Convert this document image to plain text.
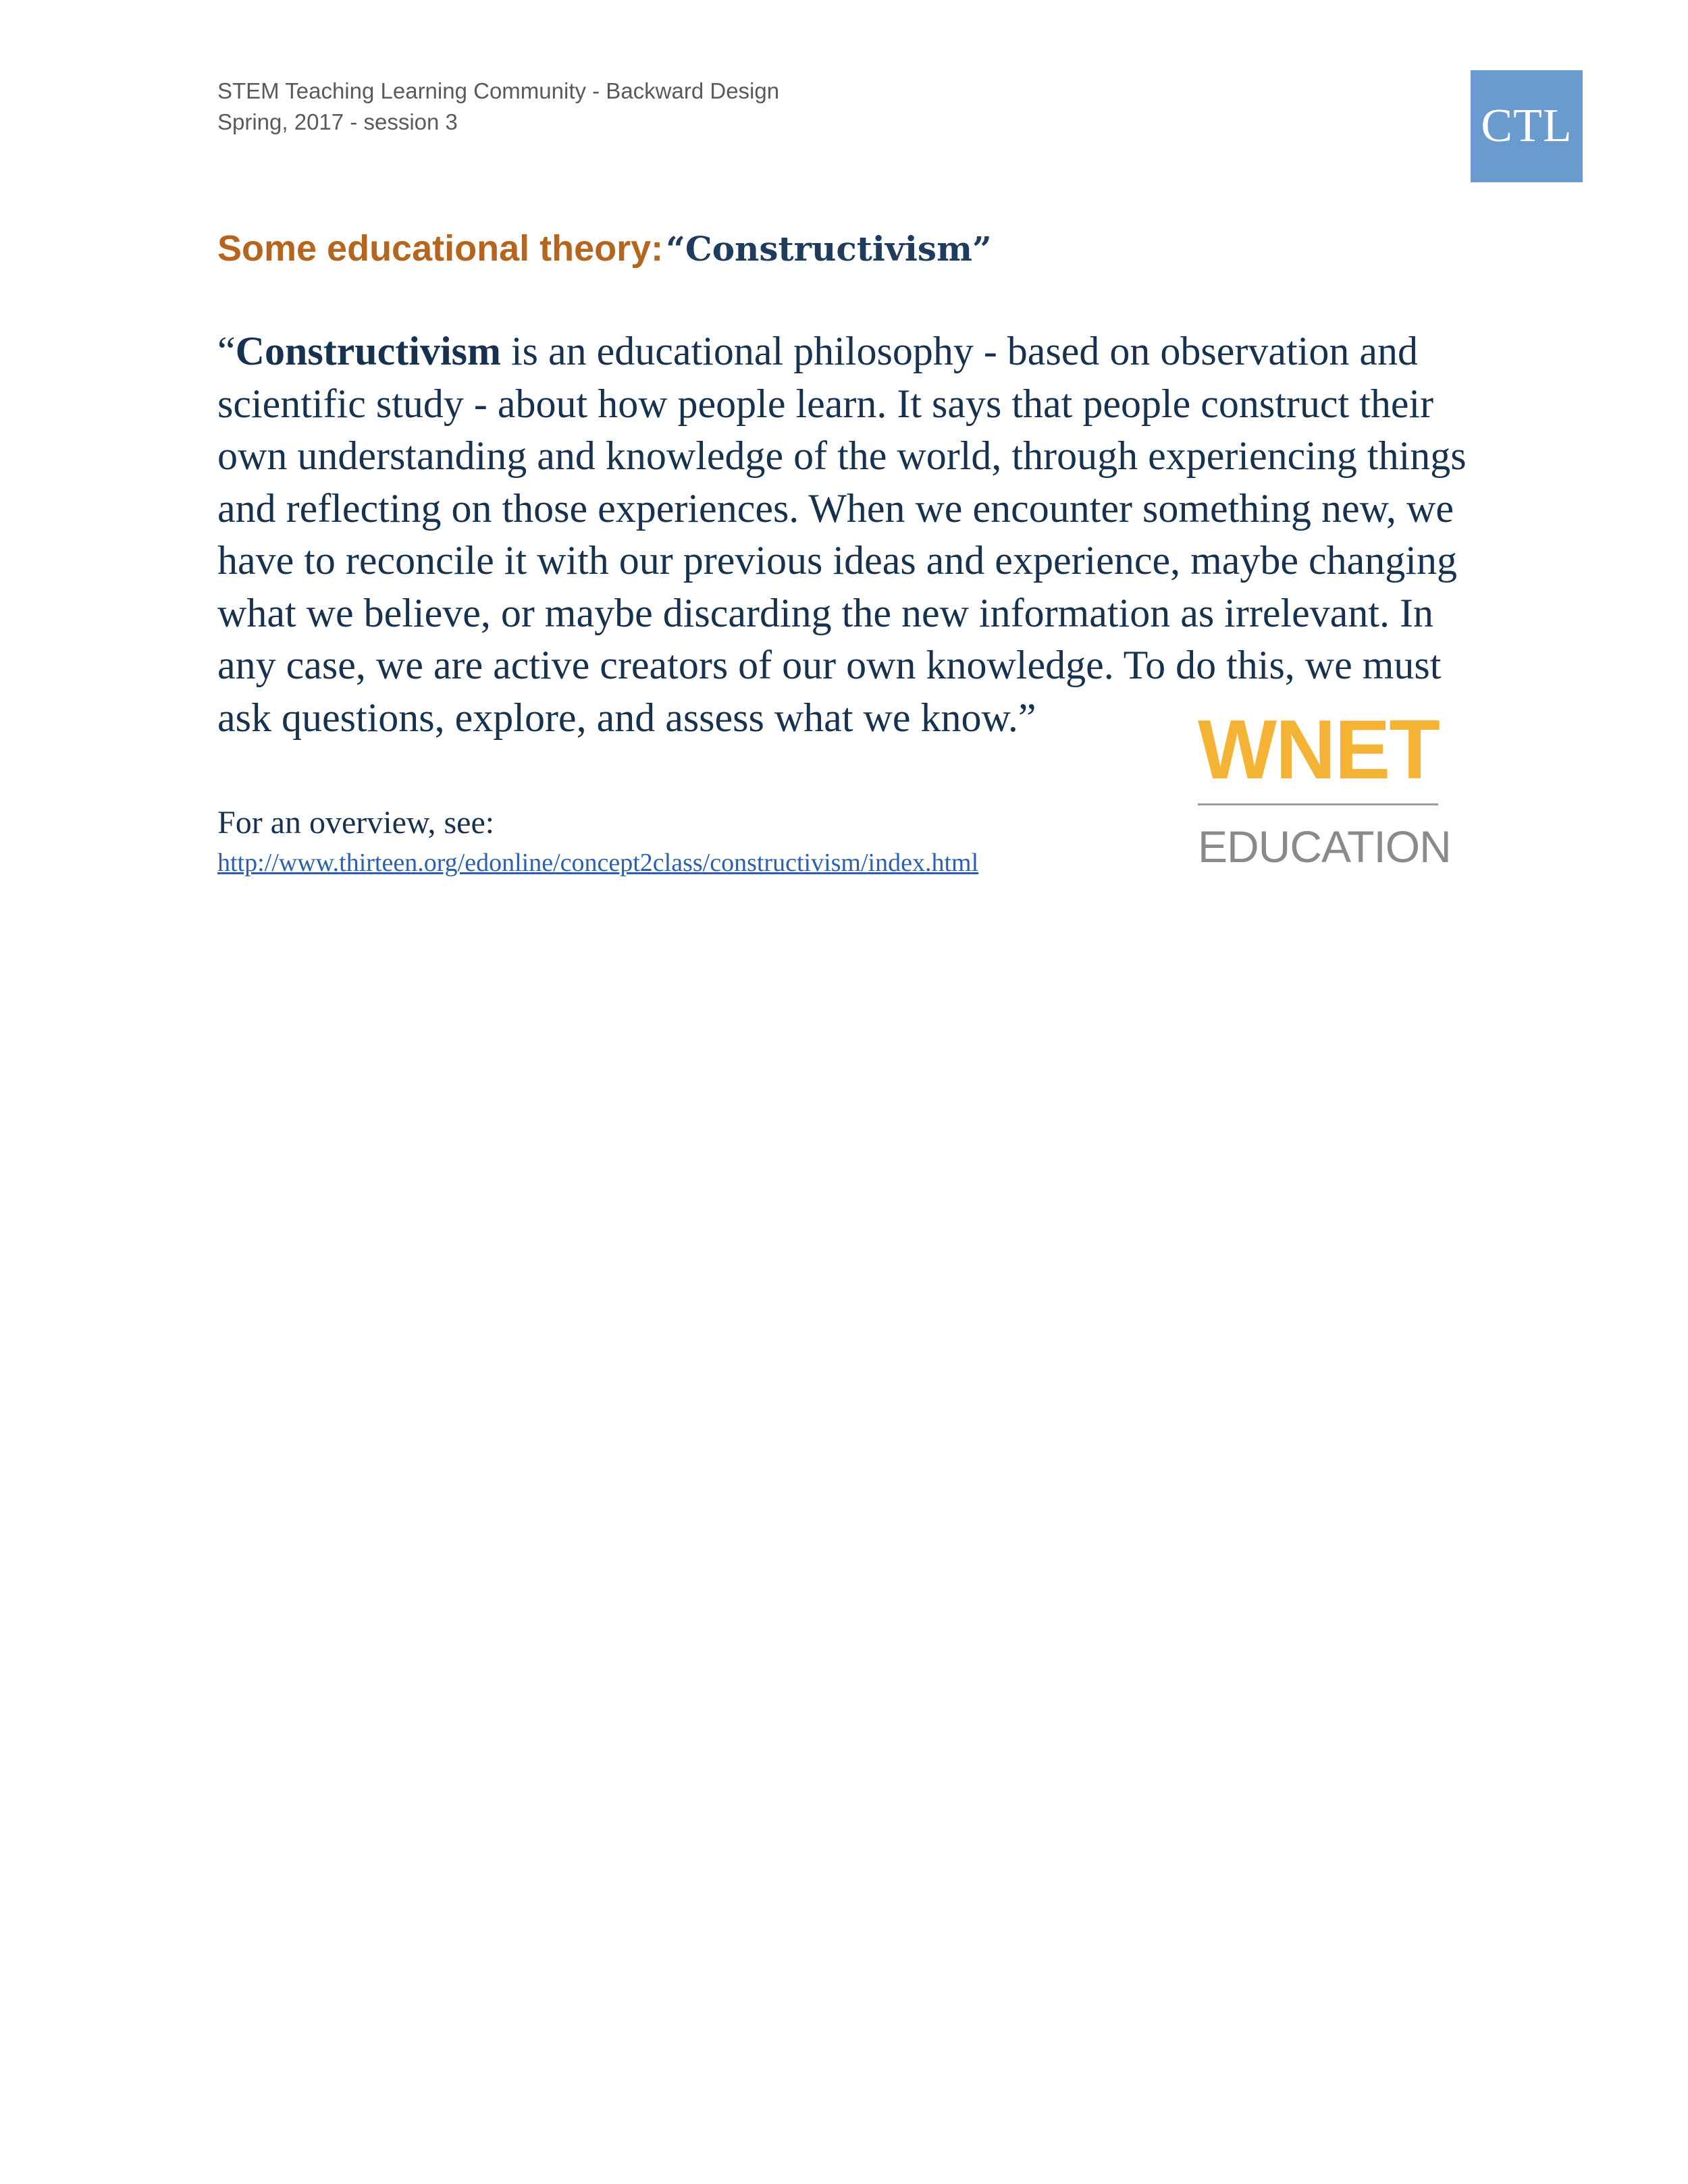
STEM Teaching Learning Community - Backward Design
Spring, 2017 - session 3	CTL
Some educational theory: “Constructivism”
“Constructivism is an educational philosophy - based on observation and
scientific study - about how people learn. It says that people construct their
own understanding and knowledge of the world, through experiencing things
and reflecting on those experiences. When we encounter something new, we
have to reconcile it with our previous ideas and experience, maybe changing
what we believe, or maybe discarding the new information as irrelevant. In
any case, we are active creators of our own knowledge. To do this, we must
ask questions, explore, and assess what we know.”
For an overview, see:
http://www.thirteen.org/edonline/concept2class/constructivism/index.html
WNET
EDUCATION
